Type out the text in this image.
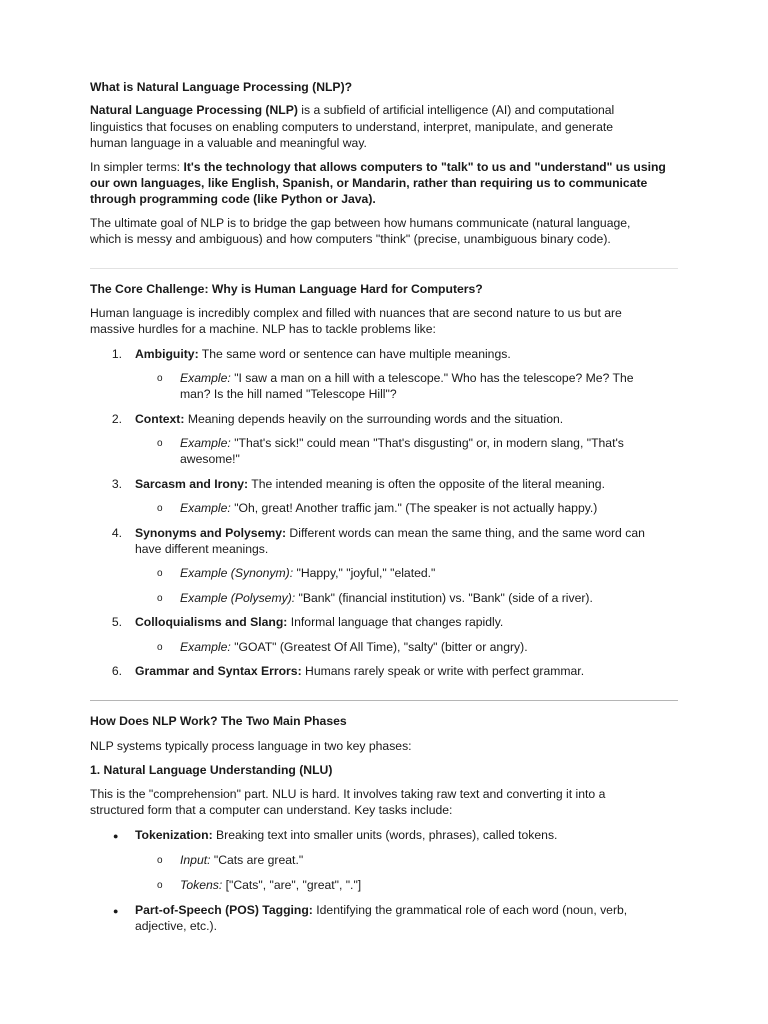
What is Natural Language Processing (NLP)?

Natural Language Processing (NLP) is a subfield of artificial intelligence (AI) and computational

linguistics that focuses on enabling computers to understand, interpret, manipulate, and generate

human language in a valuable and meaningful way.

In simpler terms: It's the technology that allows computers to "talk" to us and "understand" us using

our own languages, like English, Spanish, or Mandarin, rather than requiring us to communicate

through programming code (like Python or Java).

The ultimate goal of NLP is to bridge the gap between how humans communicate (natural language,

which is messy and ambiguous) and how computers "think" (precise, unambiguous binary code).

The Core Challenge: Why is Human Language Hard for Computers?

Human language is incredibly complex and filled with nuances that are second nature to us but are

massive hurdles for a machine. NLP has to tackle problems like:

1. Ambiguity: The same word or sentence can have multiple meanings.

o Example: "I saw a man on a hill with a telescope." Who has the telescope? Me? The

man? Is the hill named "Telescope Hill"?

2. Context: Meaning depends heavily on the surrounding words and the situation.

o Example: "That's sick!" could mean "That's disgusting" or, in modern slang, "That's

awesome!"

3. Sarcasm and Irony: The intended meaning is often the opposite of the literal meaning.

o Example: "Oh, great! Another traffic jam." (The speaker is not actually happy.)

4. Synonyms and Polysemy: Different words can mean the same thing, and the same word can

have different meanings.

o Example (Synonym): "Happy," "joyful," "elated."

o Example (Polysemy): "Bank" (financial institution) vs. "Bank" (side of a river).

5. Colloquialisms and Slang: Informal language that changes rapidly.

o Example: "GOAT" (Greatest Of All Time), "salty" (bitter or angry).

6. Grammar and Syntax Errors: Humans rarely speak or write with perfect grammar.

How Does NLP Work? The Two Main Phases

NLP systems typically process language in two key phases:

1. Natural Language Understanding (NLU)

This is the "comprehension" part. NLU is hard. It involves taking raw text and converting it into a

structured form that a computer can understand. Key tasks include:

● Tokenization: Breaking text into smaller units (words, phrases), called tokens.

o Input: "Cats are great."

o Tokens: ["Cats", "are", "great", "."]

● Part-of-Speech (POS) Tagging: Identifying the grammatical role of each word (noun, verb,

adjective, etc.).
